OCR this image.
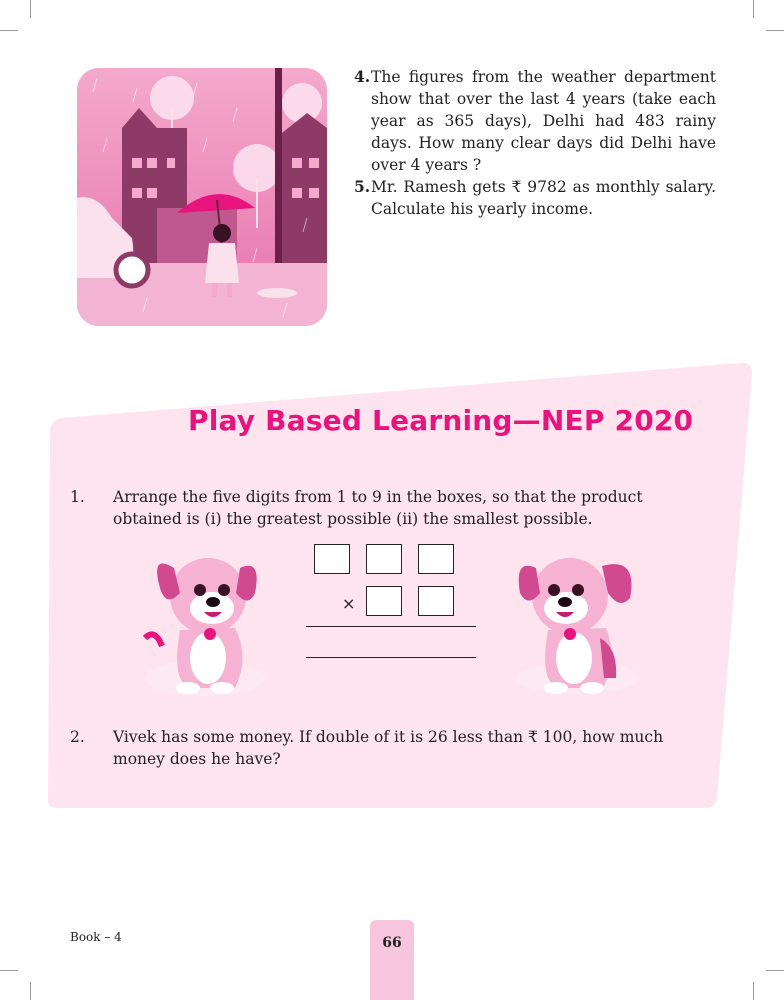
4. The figures from the weather department show that over the last 4 years (take each year as 365 days), Delhi had 483 rainy days. How many clear days did Delhi have over 4 years ?
5. Mr. Ramesh gets ₹ 9782 as monthly salary. Calculate his yearly income.
Play Based Learning—NEP 2020
1. Arrange the five digits from 1 to 9 in the boxes, so that the product obtained is (i) the greatest possible (ii) the smallest possible.
×
2. Vivek has some money. If double of it is 26 less than ₹ 100, how much money does he have?
Book – 4	66
